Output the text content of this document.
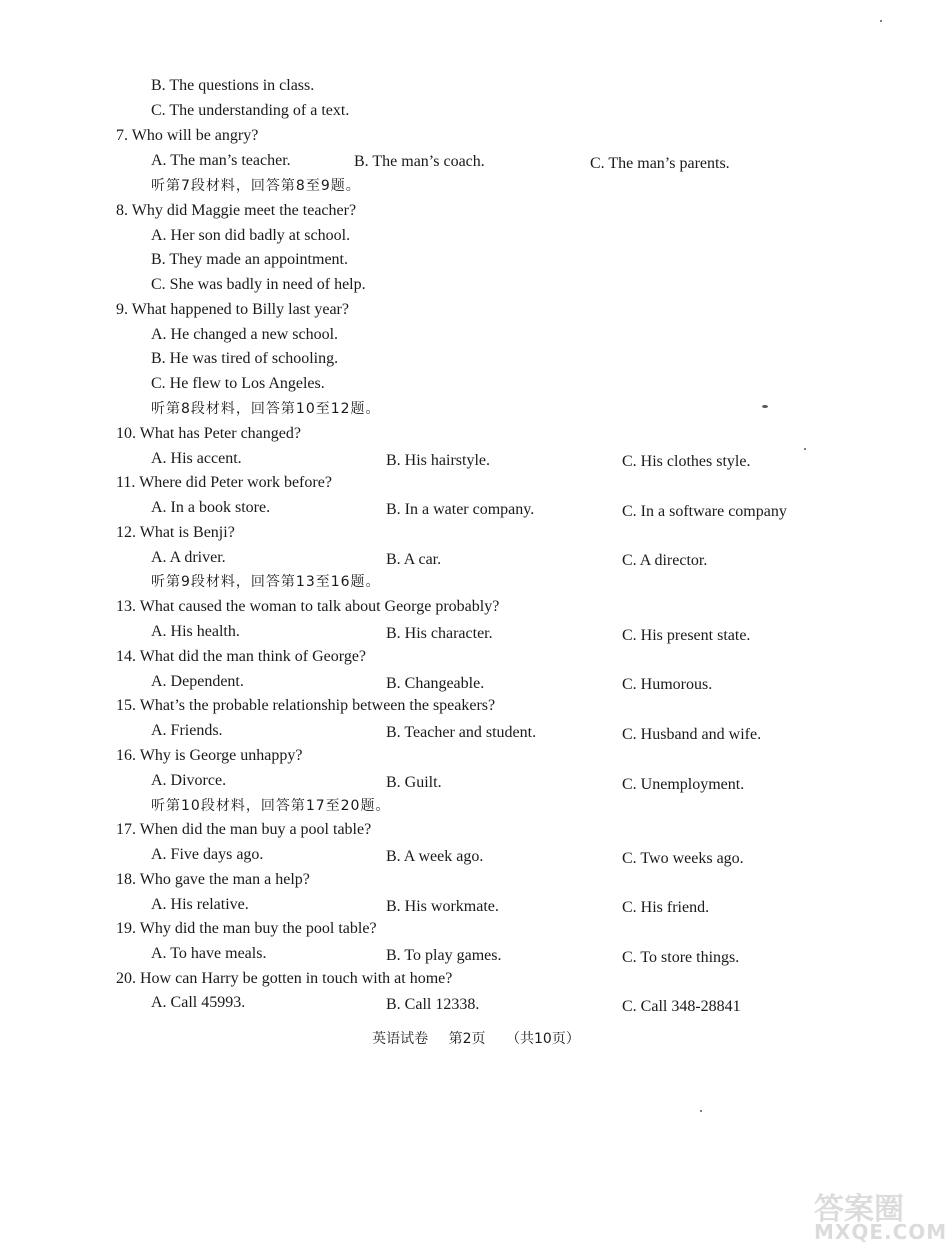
B. The questions in class.
C. The understanding of a text.
7. Who will be angry?
A. The man’s teacher.	B. The man’s coach.	C. The man’s parents.
听第7段材料，回答第8至9题。
8. Why did Maggie meet the teacher?
A. Her son did badly at school.
B. They made an appointment.
C. She was badly in need of help.
9. What happened to Billy last year?
A. He changed a new school.
B. He was tired of schooling.
C. He flew to Los Angeles.
听第8段材料，回答第10至12题。
10. What has Peter changed?
A. His accent.	B. His hairstyle.	C. His clothes style.
11. Where did Peter work before?
A. In a book store.	B. In a water company.	C. In a software company
12. What is Benji?
A. A driver.	B. A car.	C. A director.
听第9段材料，回答第13至16题。
13. What caused the woman to talk about George probably?
A. His health.	B. His character.	C. His present state.
14. What did the man think of George?
A. Dependent.	B. Changeable.	C. Humorous.
15. What’s the probable relationship between the speakers?
A. Friends.	B. Teacher and student.	C. Husband and wife.
16. Why is George unhappy?
A. Divorce.	B. Guilt.	C. Unemployment.
听第10段材料，回答第17至20题。
17. When did the man buy a pool table?
A. Five days ago.	B. A week ago.	C. Two weeks ago.
18. Who gave the man a help?
A. His relative.	B. His workmate.	C. His friend.
19. Why did the man buy the pool table?
A. To have meals.	B. To play games.	C. To store things.
20. How can Harry be gotten in touch with at home?
A. Call 45993.	B. Call 12338.	C. Call 348-28841
英语试卷 第2页 （共10页）
答案圈
MXQE.COM
